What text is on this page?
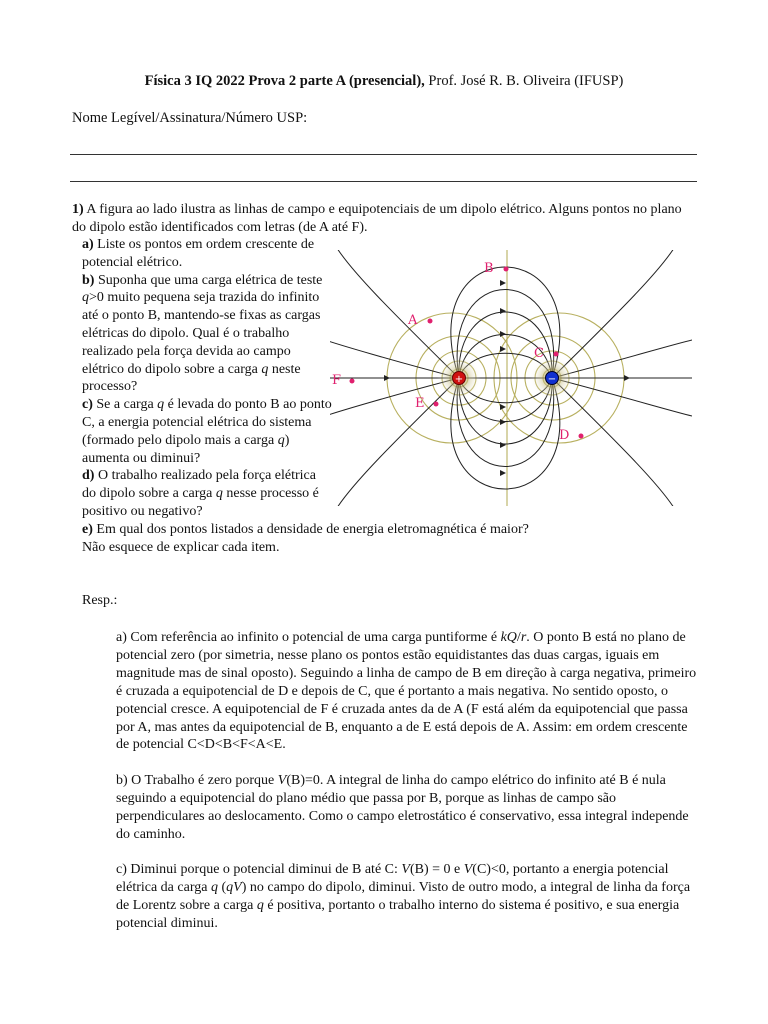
Física 3 IQ 2022 Prova 2 parte A (presencial), Prof. José R. B. Oliveira (IFUSP)
Nome Legível/Assinatura/Número USP:
1) A figura ao lado ilustra as linhas de campo e equipotenciais de um dipolo elétrico. Alguns pontos no plano do dipolo estão identificados com letras (de A até F).

a) Liste os pontos em ordem crescente de potencial elétrico.

b) Suponha que uma carga elétrica de teste q>0 muito pequena seja trazida do infinito até o ponto B, mantendo-se fixas as cargas elétricas do dipolo. Qual é o trabalho realizado pela força devida ao campo elétrico do dipolo sobre a carga q neste processo?

c) Se a carga q é levada do ponto B ao ponto C, a energia potencial elétrica do sistema (formado pelo dipolo mais a carga q) aumenta ou diminui?

d) O trabalho realizado pela força elétrica do dipolo sobre a carga q nesse processo é positivo ou negativo?

e) Em qual dos pontos listados a densidade de energia eletromagnética é maior?

Não esquece de explicar cada item.

+	−
B
A
C
F
E
D
Resp.:
a) Com referência ao infinito o potencial de uma carga puntiforme é kQ/r. O ponto B está no plano de potencial zero (por simetria, nesse plano os pontos estão equidistantes das duas cargas, iguais em magnitude mas de sinal oposto). Seguindo a linha de campo de B em direção à carga negativa, primeiro é cruzada a equipotencial de D e depois de C, que é portanto a mais negativa. No sentido oposto, o potencial cresce. A equipotencial de F é cruzada antes da de A (F está além da equipotencial que passa por A, mas antes da equipotencial de B, enquanto a de E está depois de A. Assim: em ordem crescente de potencial C<D<B<F<A<E.
b) O Trabalho é zero porque V(B)=0. A integral de linha do campo elétrico do infinito até B é nula seguindo a equipotencial do plano médio que passa por B, porque as linhas de campo são perpendiculares ao deslocamento. Como o campo eletrostático é conservativo, essa integral independe do caminho.
c) Diminui porque o potencial diminui de B até C: V(B) = 0 e V(C)<0, portanto a energia potencial elétrica da carga q (qV) no campo do dipolo, diminui. Visto de outro modo, a integral de linha da força de Lorentz sobre a carga q é positiva, portanto o trabalho interno do sistema é positivo, e sua energia potencial diminui.
